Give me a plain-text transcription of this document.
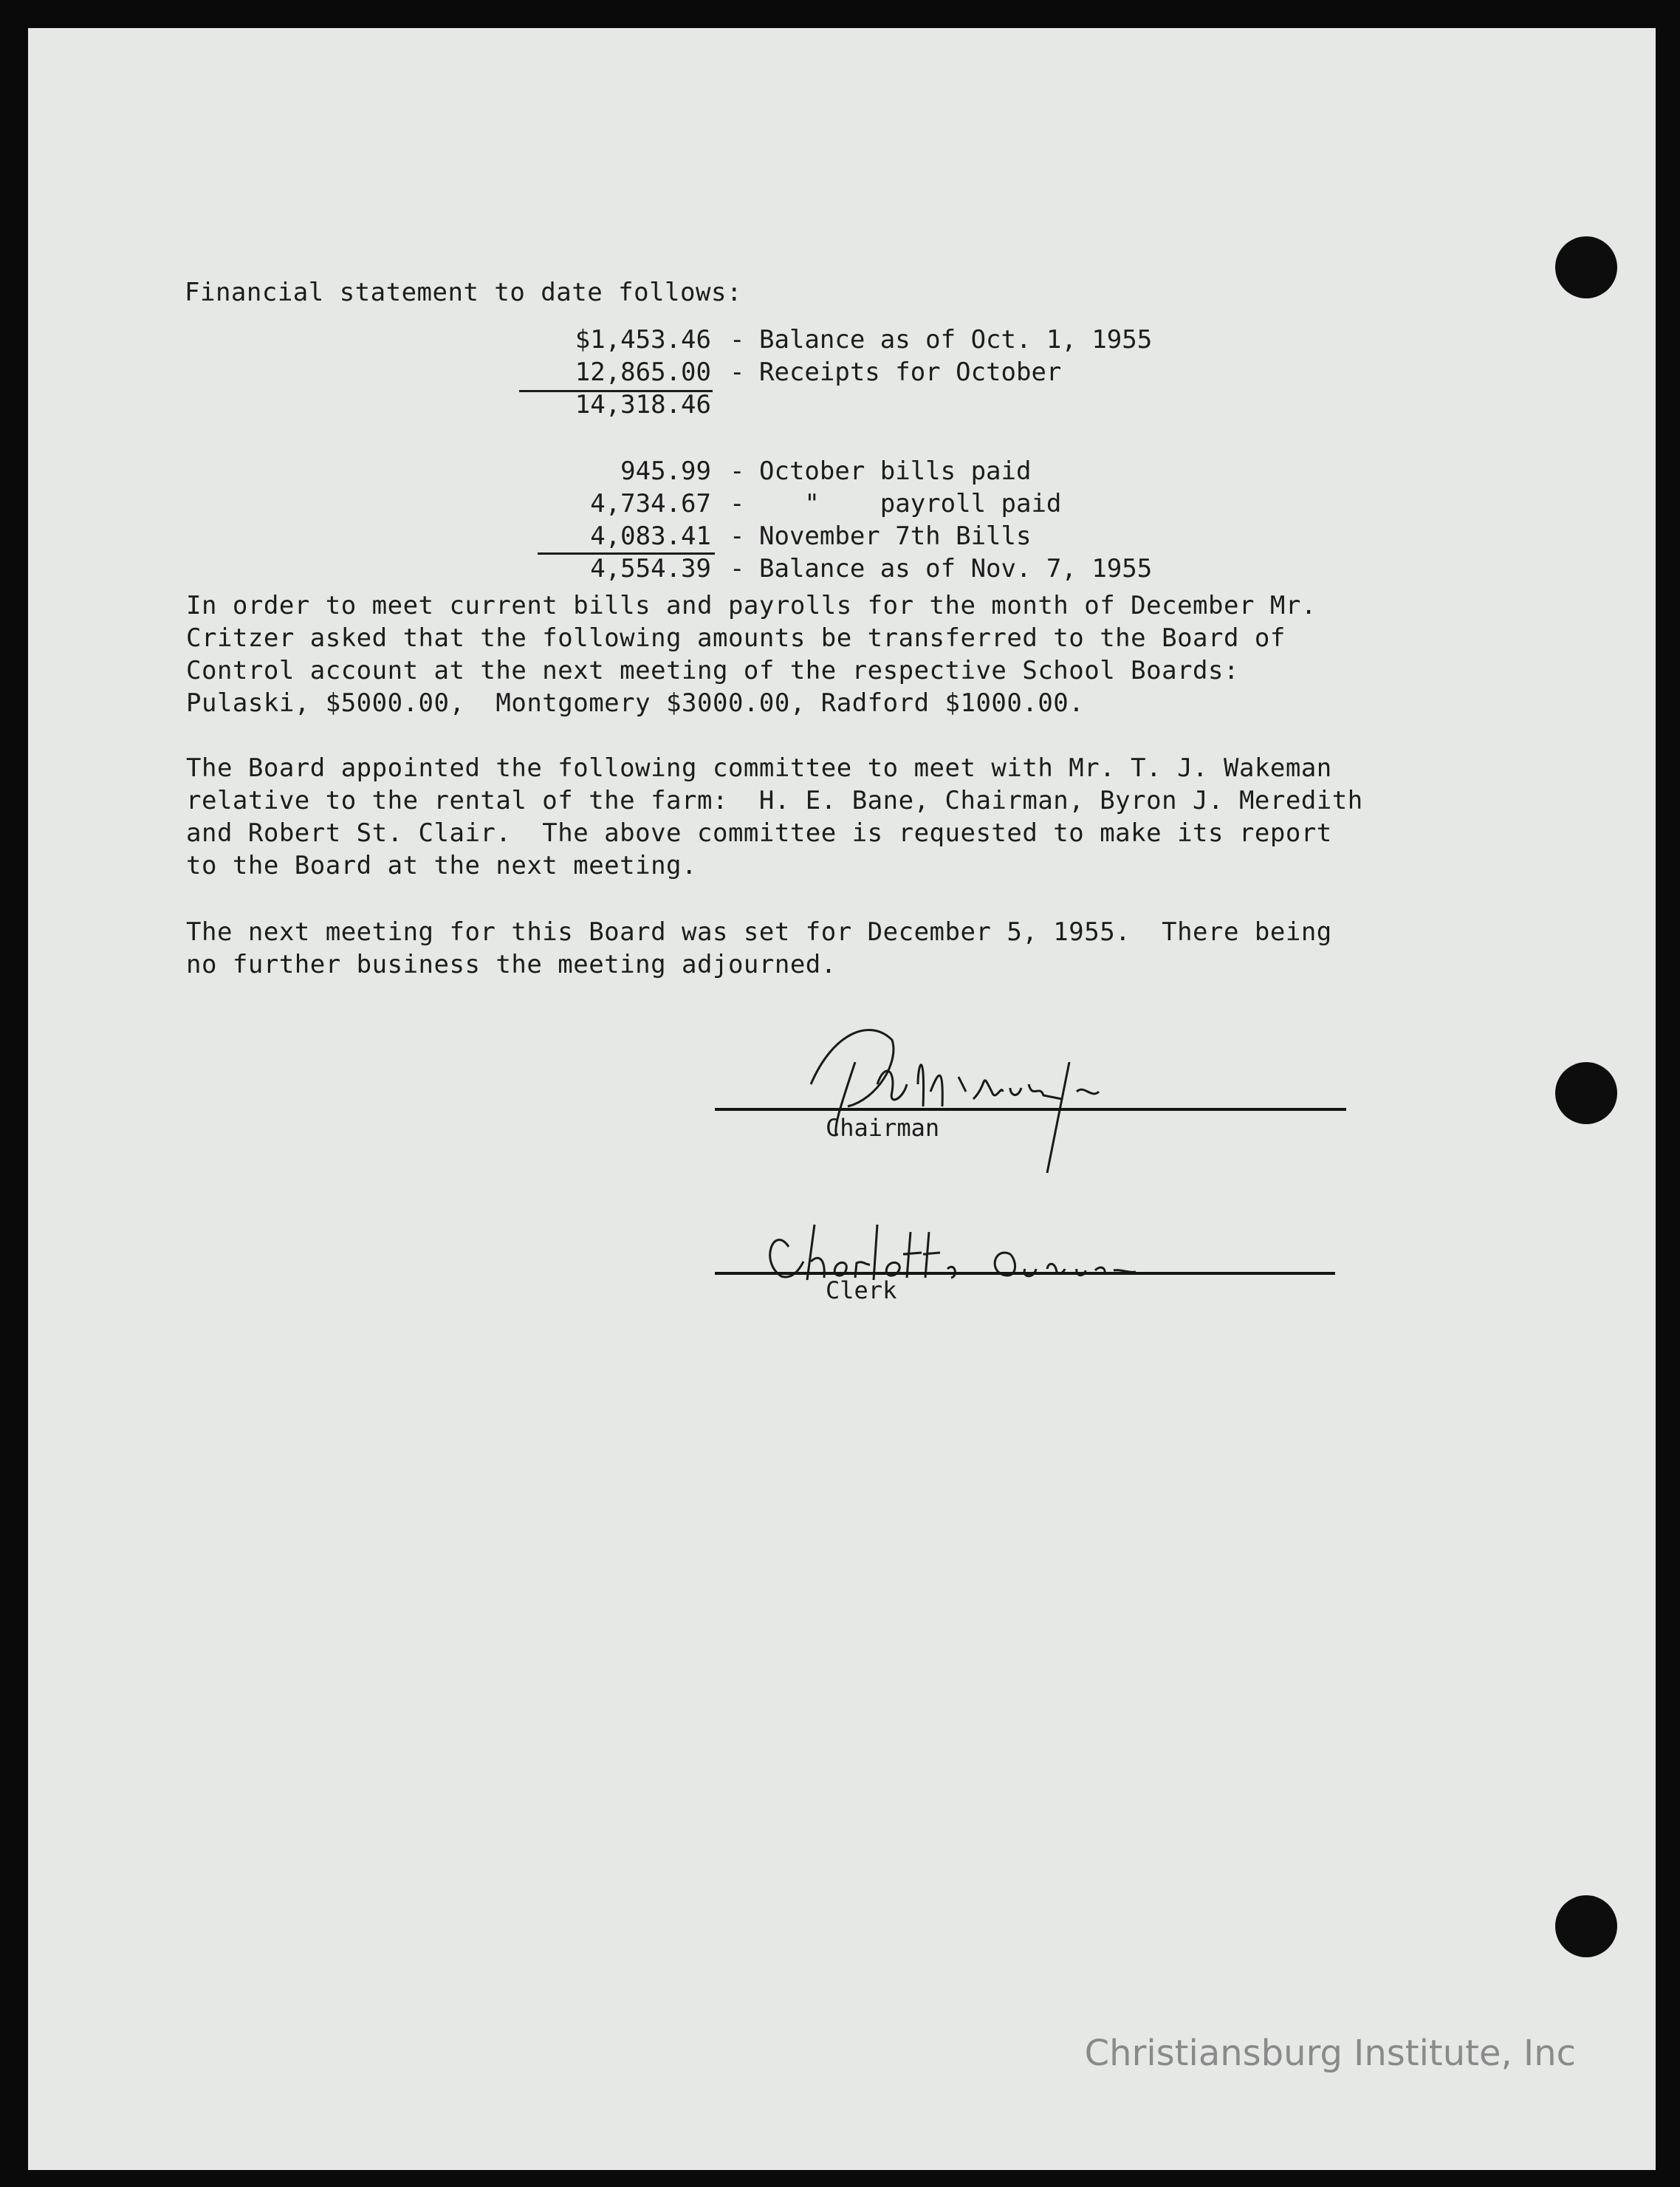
Financial statement to date follows:
$1,453.46 - Balance as of Oct. 1, 1955
12,865.00 - Receipts for October
14,318.46
945.99 - October bills paid
4,734.67 - "    payroll paid
4,083.41 - November 7th Bills
4,554.39 - Balance as of Nov. 7, 1955
In order to meet current bills and payrolls for the month of December Mr.
Critzer asked that the following amounts be transferred to the Board of
Control account at the next meeting of the respective School Boards:
Pulaski, $5000.00,  Montgomery $3000.00, Radford $1000.00.
The Board appointed the following committee to meet with Mr. T. J. Wakeman
relative to the rental of the farm:  H. E. Bane, Chairman, Byron J. Meredith
and Robert St. Clair.  The above committee is requested to make its report
to the Board at the next meeting.
The next meeting for this Board was set for December 5, 1955.  There being
no further business the meeting adjourned.
Chairman
Clerk
Christiansburg Institute, Inc
